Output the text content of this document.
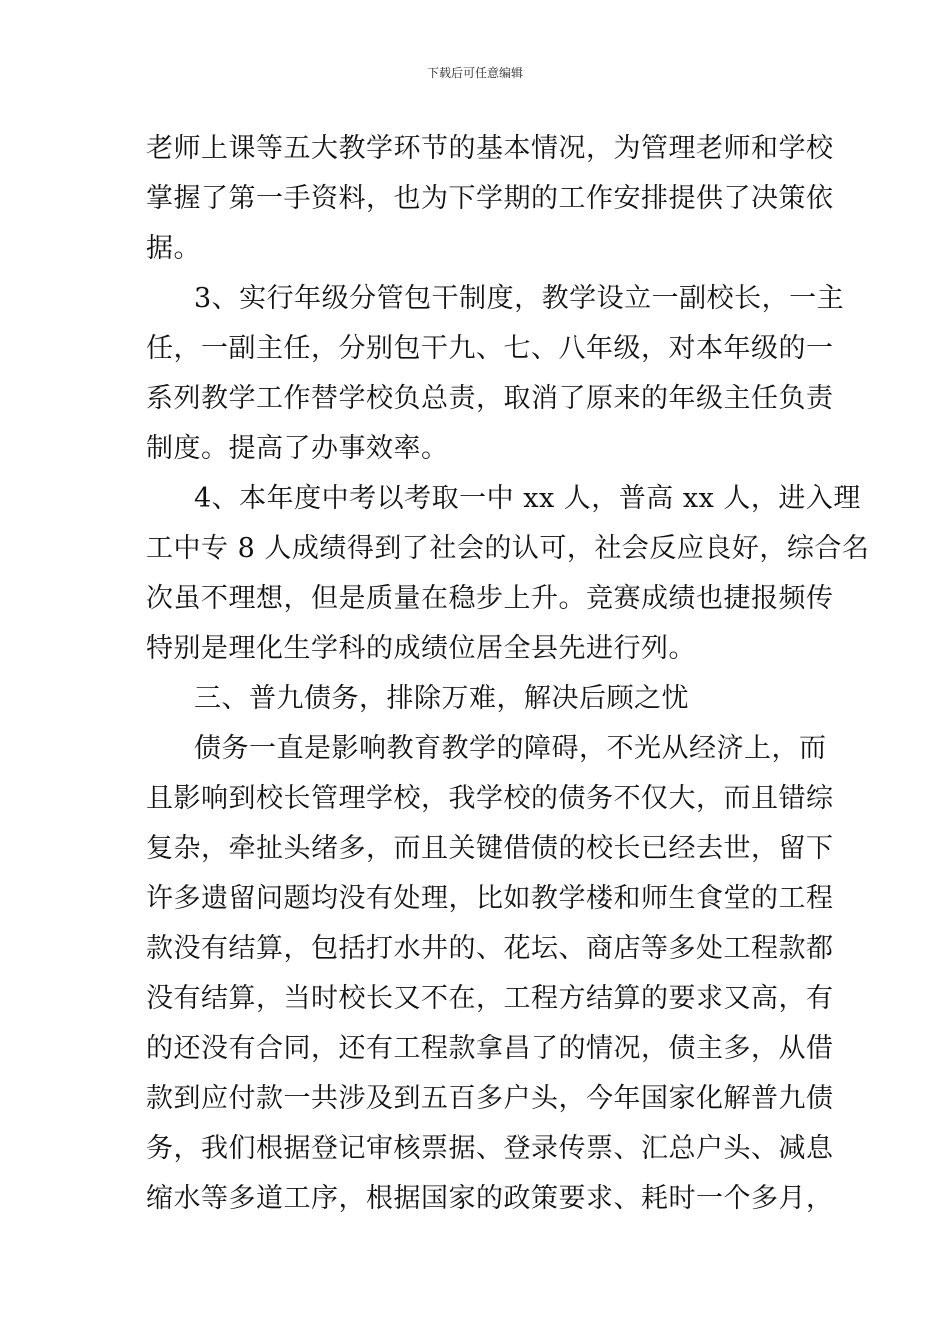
下载后可任意编辑
老师上课等五大教学环节的基本情况，为管理老师和学校
掌握了第一手资料，也为下学期的工作安排提供了决策依
据。
3、实行年级分管包干制度，教学设立一副校长，一主
任，一副主任，分别包干九、七、八年级，对本年级的一
系列教学工作替学校负总责，取消了原来的年级主任负责
制度。提高了办事效率。
4、本年度中考以考取一中 xx 人，普高 xx 人，进入理
工中专 8 人成绩得到了社会的认可，社会反应良好，综合名
次虽不理想，但是质量在稳步上升。竞赛成绩也捷报频传
特别是理化生学科的成绩位居全县先进行列。
三、普九债务，排除万难，解决后顾之忧
债务一直是影响教育教学的障碍，不光从经济上，而
且影响到校长管理学校，我学校的债务不仅大，而且错综
复杂，牵扯头绪多，而且关键借债的校长已经去世，留下
许多遗留问题均没有处理，比如教学楼和师生食堂的工程
款没有结算，包括打水井的、花坛、商店等多处工程款都
没有结算，当时校长又不在，工程方结算的要求又高，有
的还没有合同，还有工程款拿昌了的情况，债主多，从借
款到应付款一共涉及到五百多户头，今年国家化解普九债
务，我们根据登记审核票据、登录传票、汇总户头、减息
缩水等多道工序，根据国家的政策要求、耗时一个多月，
